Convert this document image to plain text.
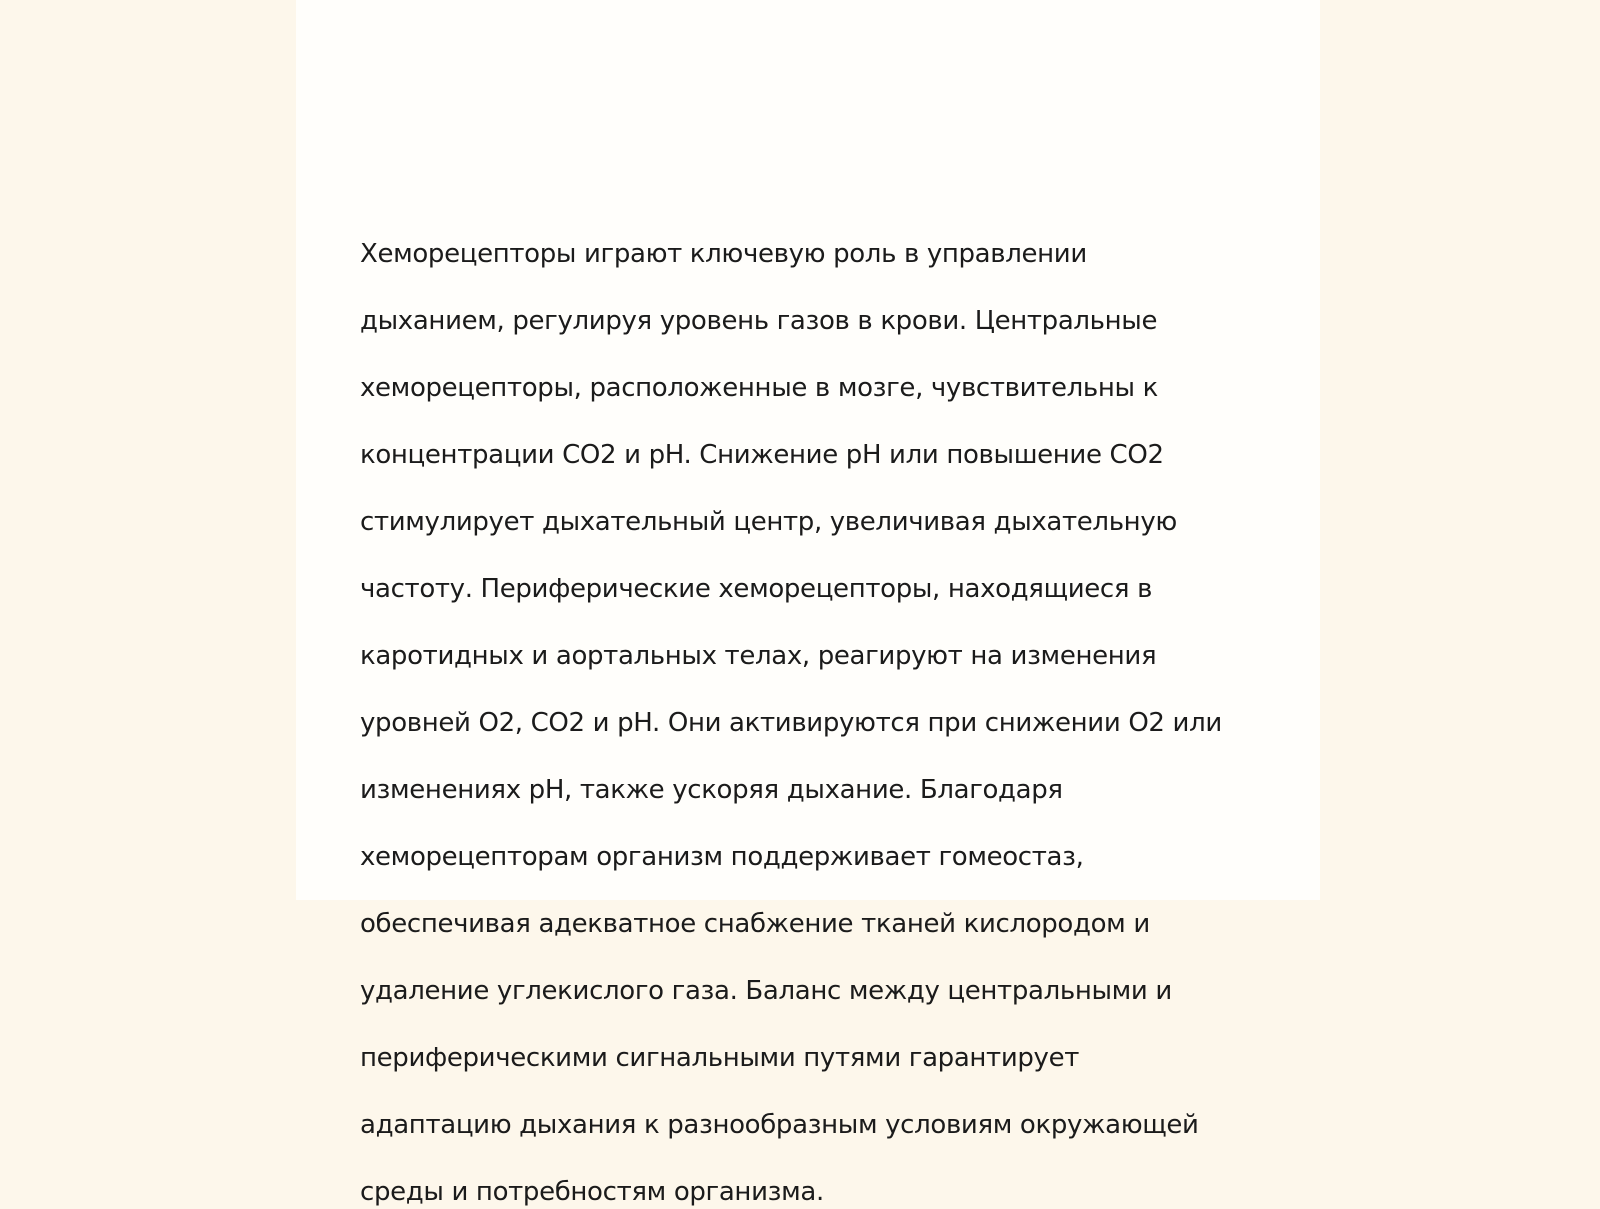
Хеморецепторы играют ключевую роль в управлении

дыханием, регулируя уровень газов в крови. Центральные

хеморецепторы, расположенные в мозге, чувствительны к

концентрации CO2 и pH. Снижение pH или повышение CO2

стимулирует дыхательный центр, увеличивая дыхательную

частоту. Периферические хеморецепторы, находящиеся в

каротидных и аортальных телах, реагируют на изменения

уровней O2, CO2 и pH. Они активируются при снижении O2 или

изменениях pH, также ускоряя дыхание. Благодаря

хеморецепторам организм поддерживает гомеостаз,

обеспечивая адекватное снабжение тканей кислородом и

удаление углекислого газа. Баланс между центральными и

периферическими сигнальными путями гарантирует

адаптацию дыхания к разнообразным условиям окружающей

среды и потребностям организма.
